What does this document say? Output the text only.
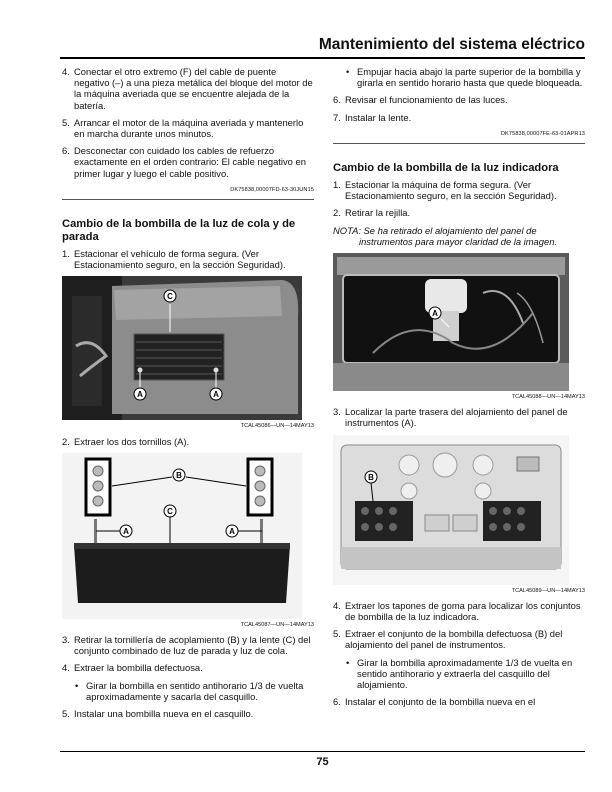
Mantenimiento del sistema eléctrico
4. Conectar el otro extremo (F) del cable de puente negativo (–) a una pieza metálica del bloque del motor de la máquina averiada que se encuentre alejada de la batería.
5. Arrancar el motor de la máquina averiada y mantenerlo en marcha durante unos minutos.
6. Desconectar con cuidado los cables de refuerzo exactamente en el orden contrario: El cable negativo en primer lugar y luego el cable positivo.
DK75838,00007FD-63-30JUN15
Cambio de la bombilla de la luz de cola y de parada
1. Estacionar el vehículo de forma segura. (Ver Estacionamiento seguro, en la sección Seguridad).
C
A	A
TCAL45086—UN—14MAY13
2. Extraer los dos tornillos (A).
B
C
A	A
TCAL45087—UN—14MAY13
3. Retirar la tornillería de acoplamiento (B) y la lente (C) del conjunto combinado de luz de parada y luz de cola.
4. Extraer la bombilla defectuosa.
• Girar la bombilla en sentido antihorario 1/3 de vuelta aproximadamente y sacarla del casquillo.
5. Instalar una bombilla nueva en el casquillo.
• Empujar hacia abajo la parte superior de la bombilla y girarla en sentido horario hasta que quede bloqueada.
6. Revisar el funcionamiento de las luces.
7. Instalar la lente.
DK75838,00007FE-63-01APR13
Cambio de la bombilla de la luz indicadora
1. Estacionar la máquina de forma segura. (Ver Estacionamiento seguro, en la sección Seguridad).
2. Retirar la rejilla.
NOTA: Se ha retirado el alojamiento del panel de instrumentos para mayor claridad de la imagen.
A
TCAL45088—UN—14MAY13
3. Localizar la parte trasera del alojamiento del panel de instrumentos (A).
B
TCAL45089—UN—14MAY13
4. Extraer los tapones de goma para localizar los conjuntos de bombilla de la luz indicadora.
5. Extraer el conjunto de la bombilla defectuosa (B) del alojamiento del panel de instrumentos.
• Girar la bombilla aproximadamente 1/3 de vuelta en sentido antihorario y extraerla del casquillo del alojamiento.
6. Instalar el conjunto de la bombilla nueva en el
75
